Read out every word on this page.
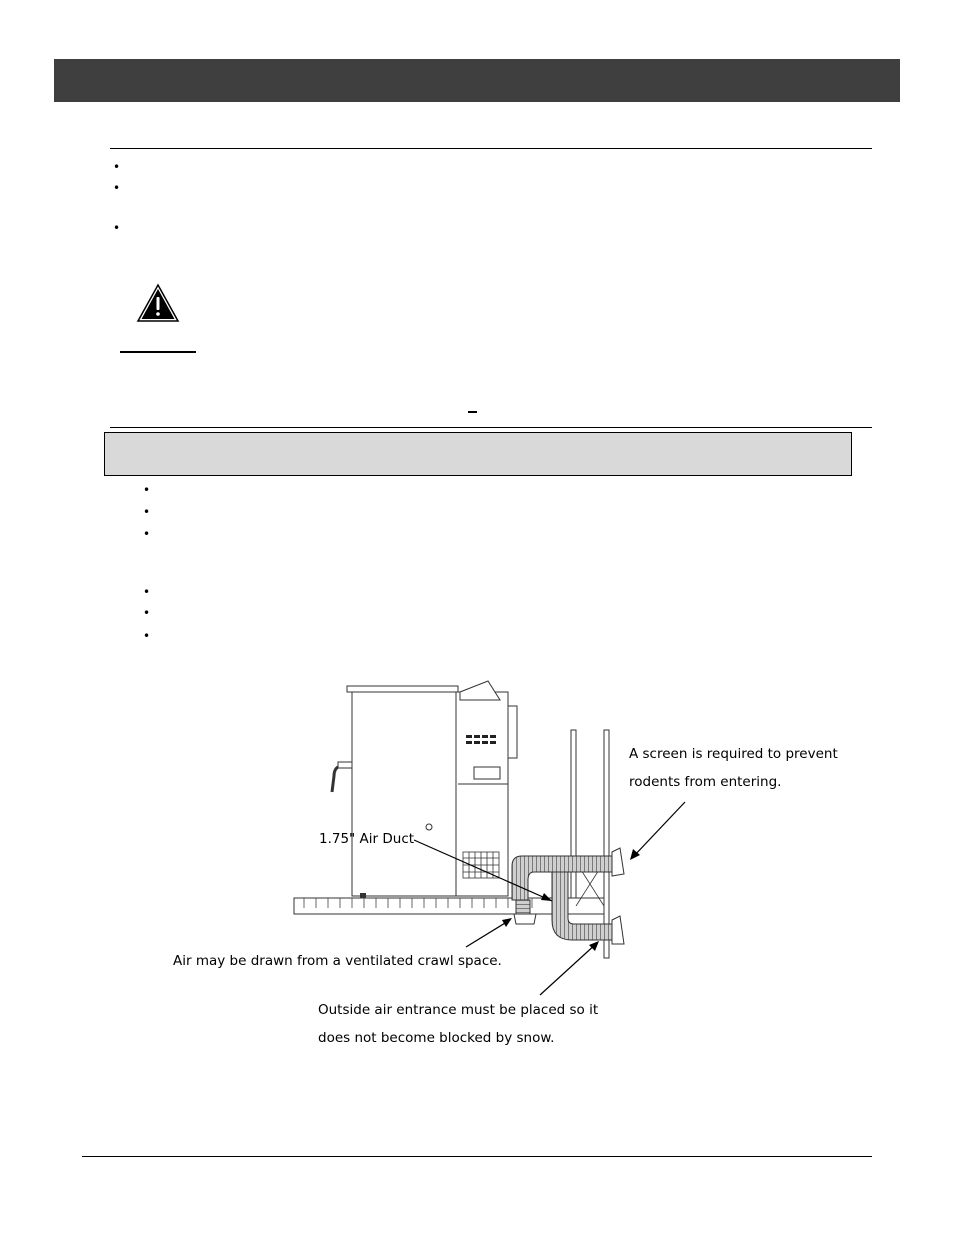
•
•
•
•
•
•
•
•
•
1.75" Air Duct
A screen is required to prevent
rodents from entering.
Air may be drawn from a ventilated crawl space.
Outside air entrance must be placed so it
does not become blocked by snow.
